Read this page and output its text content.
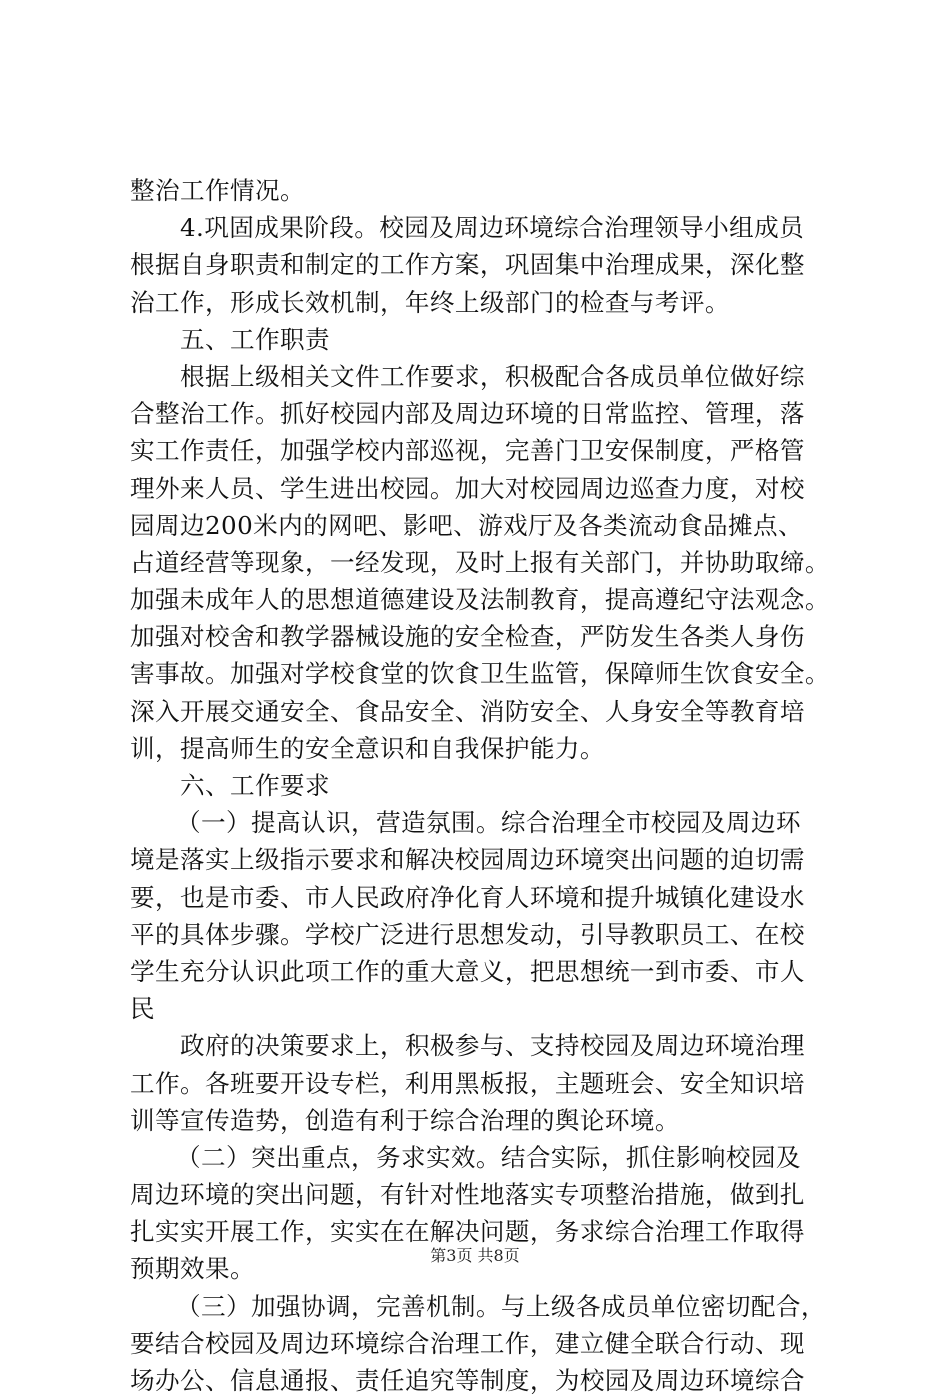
整治工作情况。
4.巩固成果阶段。校园及周边环境综合治理领导小组成员
根据自身职责和制定的工作方案，巩固集中治理成果，深化整
治工作，形成长效机制，年终上级部门的检查与考评。
五、工作职责
根据上级相关文件工作要求，积极配合各成员单位做好综
合整治工作。抓好校园内部及周边环境的日常监控、管理，落
实工作责任，加强学校内部巡视，完善门卫安保制度，严格管
理外来人员、学生进出校园。加大对校园周边巡查力度，对校
园周边200米内的网吧、影吧、游戏厅及各类流动食品摊点、
占道经营等现象，一经发现，及时上报有关部门，并协助取缔。
加强未成年人的思想道德建设及法制教育，提高遵纪守法观念。
加强对校舍和教学器械设施的安全检查，严防发生各类人身伤
害事故。加强对学校食堂的饮食卫生监管，保障师生饮食安全。
深入开展交通安全、食品安全、消防安全、人身安全等教育培
训，提高师生的安全意识和自我保护能力。
六、工作要求
（一）提高认识，营造氛围。综合治理全市校园及周边环
境是落实上级指示要求和解决校园周边环境突出问题的迫切需
要，也是市委、市人民政府净化育人环境和提升城镇化建设水
平的具体步骤。学校广泛进行思想发动，引导教职员工、在校
学生充分认识此项工作的重大意义，把思想统一到市委、市人
民
政府的决策要求上，积极参与、支持校园及周边环境治理
工作。各班要开设专栏，利用黑板报，主题班会、安全知识培
训等宣传造势，创造有利于综合治理的舆论环境。
（二）突出重点，务求实效。结合实际，抓住影响校园及
周边环境的突出问题，有针对性地落实专项整治措施，做到扎
扎实实开展工作，实实在在解决问题，务求综合治理工作取得
预期效果。
（三）加强协调，完善机制。与上级各成员单位密切配合，
要结合校园及周边环境综合治理工作，建立健全联合行动、现
场办公、信息通报、责任追究等制度，为校园及周边环境综合
第3页 共8页
